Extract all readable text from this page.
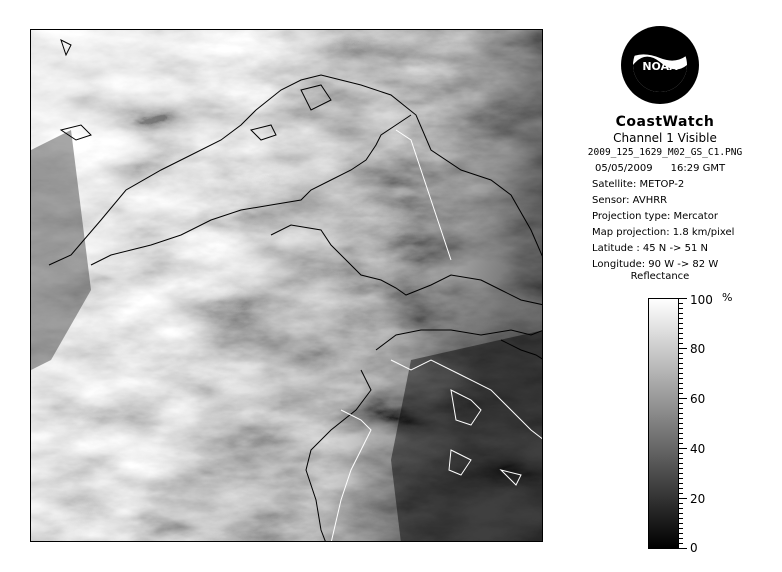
NOAA
CoastWatch
Channel 1 Visible
2009_125_1629_M02_GS_C1.PNG
05/05/2009 16:29 GMT
Satellite: METOP-2
Sensor: AVHRR
Projection type: Mercator
Map projection: 1.8 km/pixel
Latitude : 45 N -> 51 N
Longitude: 90 W -> 82 W
Reflectance
%
100
80
60
40
20
0
